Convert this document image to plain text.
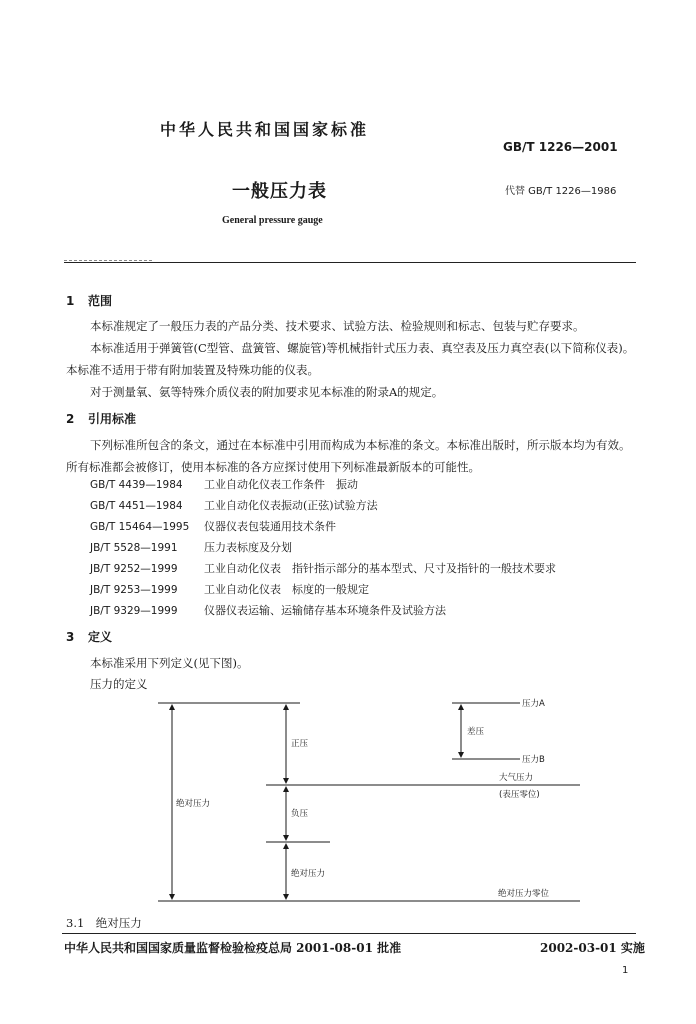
中华人民共和国国家标准
GB/T 1226—2001
一般压力表	代替 GB/T 1226—1986
General pressure gauge
1 范围
本标准规定了一般压力表的产品分类、技术要求、试验方法、检验规则和标志、包装与贮存要求。
本标准适用于弹簧管(C型管、盘簧管、螺旋管)等机械指针式压力表、真空表及压力真空表(以下简称仪表)。本标准不适用于带有附加装置及特殊功能的仪表。
对于测量氧、氨等特殊介质仪表的附加要求见本标准的附录A的规定。
2 引用标准
下列标准所包含的条文，通过在本标准中引用而构成为本标准的条文。本标准出版时，所示版本均为有效。所有标准都会被修订，使用本标准的各方应探讨使用下列标准最新版本的可能性。
GB/T 4439—1984 工业自动化仪表工作条件　振动
GB/T 4451—1984 工业自动化仪表振动(正弦)试验方法
GB/T 15464—1995 仪器仪表包装通用技术条件
JB/T 5528—1991 压力表标度及分划
JB/T 9252—1999 工业自动化仪表　指针指示部分的基本型式、尺寸及指针的一般技术要求
JB/T 9253—1999 工业自动化仪表　标度的一般规定
JB/T 9329—1999 仪器仪表运输、运输储存基本环境条件及试验方法
3 定义
本标准采用下列定义(见下图)。
压力的定义
压力A
压力B
差压
正压
大气压力
(表压零位)
负压
绝对压力
绝对压力
绝对压力零位
3.1　 绝对压力
中华人民共和国国家质量监督检验检疫总局 2001-08-01 批准	2002-03-01 实施
1
